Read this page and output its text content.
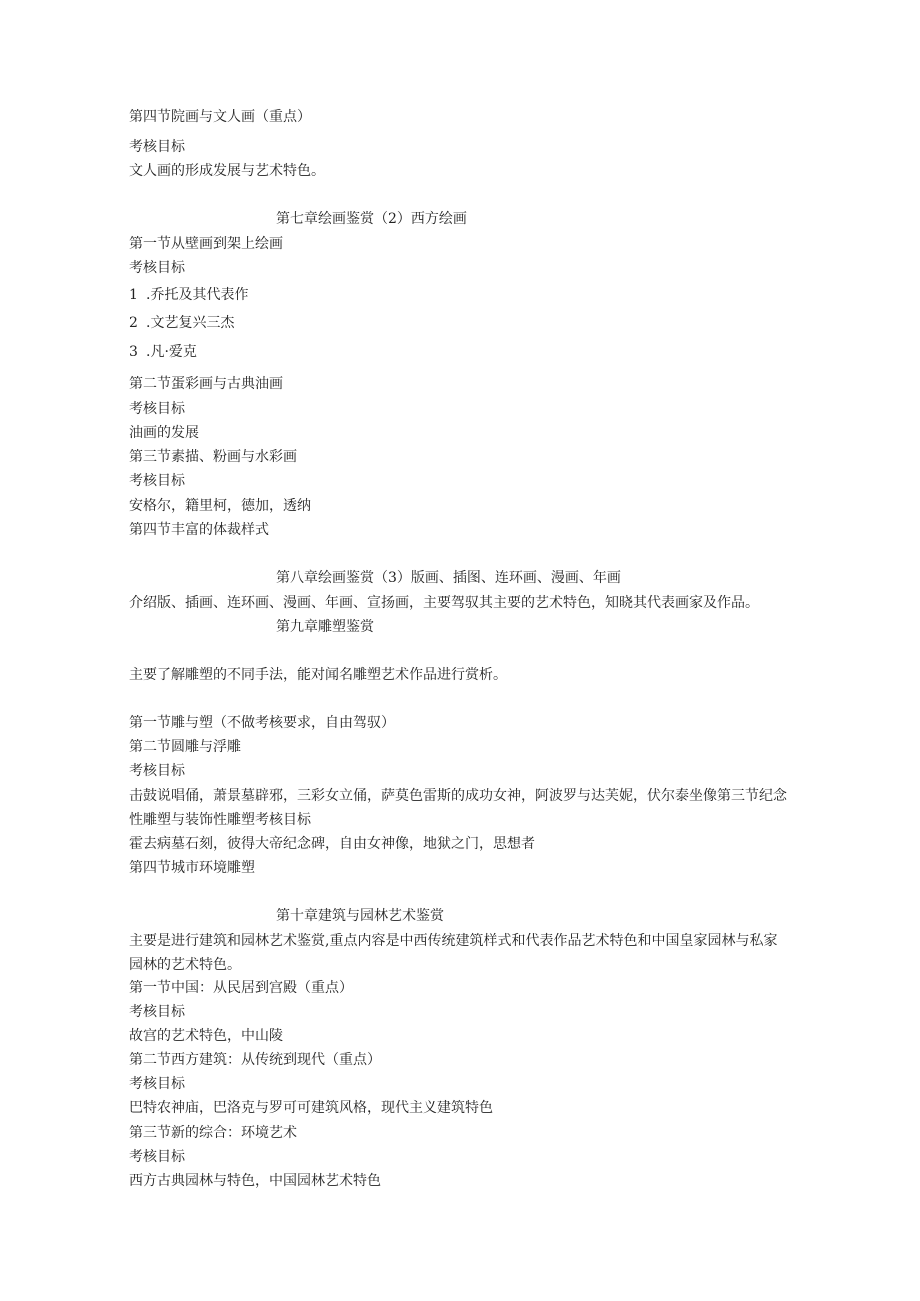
第四节院画与文人画（重点）
考核目标
文人画的形成发展与艺术特色。
第七章绘画鉴赏（2）西方绘画
第一节从壁画到架上绘画
考核目标
1 .乔托及其代表作
2 .文艺复兴三杰
3 .凡·爱克
第二节蛋彩画与古典油画
考核目标
油画的发展
第三节素描、粉画与水彩画
考核目标
安格尔，籍里柯，德加，透纳
第四节丰富的体裁样式
第八章绘画鉴赏（3）版画、插图、连环画、漫画、年画
介绍版、插画、连环画、漫画、年画、宣扬画，主要驾驭其主要的艺术特色，知晓其代表画家及作品。
第九章雕塑鉴赏
主要了解雕塑的不同手法，能对闻名雕塑艺术作品进行赏析。
第一节雕与塑（不做考核要求，自由驾驭）
第二节圆雕与浮雕
考核目标
击鼓说唱俑，萧景墓辟邪，三彩女立俑，萨莫色雷斯的成功女神，阿波罗与达芙妮，伏尔泰坐像第三节纪念性雕塑与装饰性雕塑考核目标
霍去病墓石刻，彼得大帝纪念碑，自由女神像，地狱之门，思想者
第四节城市环境雕塑
第十章建筑与园林艺术鉴赏
主要是进行建筑和园林艺术鉴赏,重点内容是中西传统建筑样式和代表作品艺术特色和中国皇家园林与私家园林的艺术特色。
第一节中国：从民居到宫殿（重点）
考核目标
故宫的艺术特色，中山陵
第二节西方建筑：从传统到现代（重点）
考核目标
巴特农神庙，巴洛克与罗可可建筑风格，现代主义建筑特色
第三节新的综合：环境艺术
考核目标
西方古典园林与特色，中国园林艺术特色
